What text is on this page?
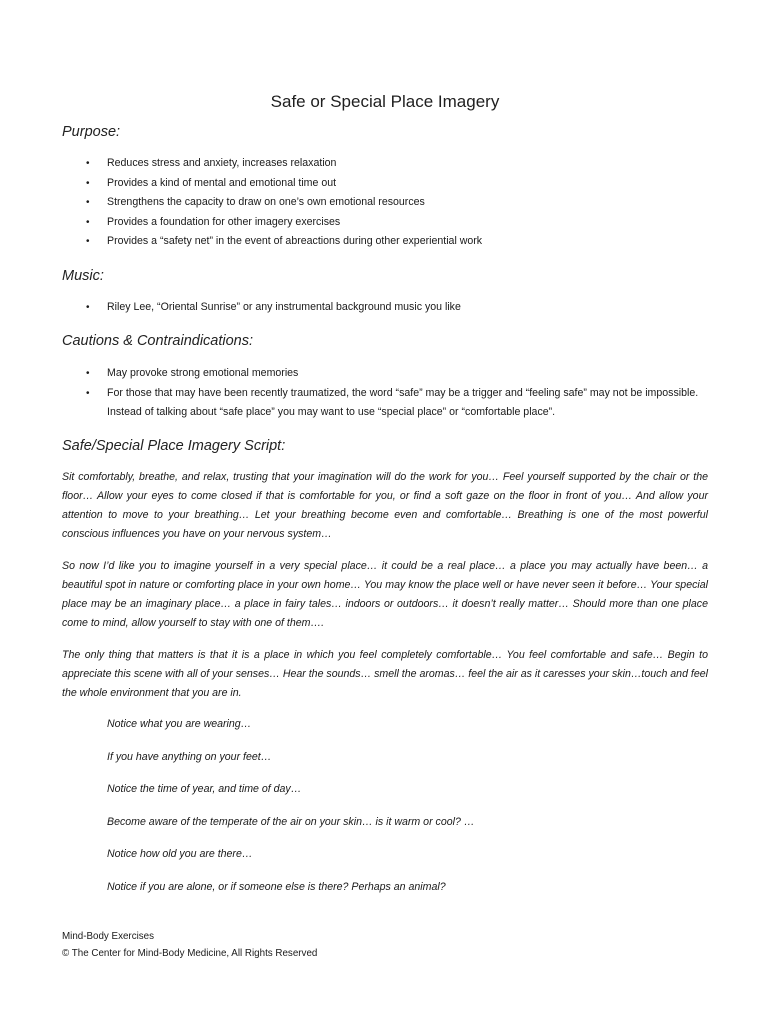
Safe or Special Place Imagery
Purpose:
• Reduces stress and anxiety, increases relaxation
• Provides a kind of mental and emotional time out
• Strengthens the capacity to draw on one’s own emotional resources
• Provides a foundation for other imagery exercises
• Provides a “safety net” in the event of abreactions during other experiential work
Music:
• Riley Lee, “Oriental Sunrise” or any instrumental background music you like
Cautions & Contraindications:
• May provoke strong emotional memories
• For those that may have been recently traumatized, the word “safe” may be a trigger and “feeling safe” may not be impossible. Instead of talking about “safe place” you may want to use “special place” or “comfortable place”.
Safe/Special Place Imagery Script:

Sit comfortably, breathe, and relax, trusting that your imagination will do the work for you… Feel yourself supported by the chair or the floor… Allow your eyes to come closed if that is comfortable for you, or find a soft gaze on the floor in front of you… And allow your attention to move to your breathing… Let your breathing become even and comfortable… Breathing is one of the most powerful conscious influences you have on your nervous system…

So now I’d like you to imagine yourself in a very special place… it could be a real place… a place you may actually have been… a beautiful spot in nature or comforting place in your own home… You may know the place well or have never seen it before… Your special place may be an imaginary place… a place in fairy tales… indoors or outdoors… it doesn’t really matter… Should more than one place come to mind, allow yourself to stay with one of them….

The only thing that matters is that it is a place in which you feel completely comfortable… You feel comfortable and safe… Begin to appreciate this scene with all of your senses… Hear the sounds… smell the aromas… feel the air as it caresses your skin…touch and feel the whole environment that you are in.

Notice what you are wearing…

If you have anything on your feet…

Notice the time of year, and time of day…

Become aware of the temperate of the air on your skin… is it warm or cool? …

Notice how old you are there…

Notice if you are alone, or if someone else is there? Perhaps an animal?

Mind-Body Exercises
© The Center for Mind-Body Medicine, All Rights Reserved
